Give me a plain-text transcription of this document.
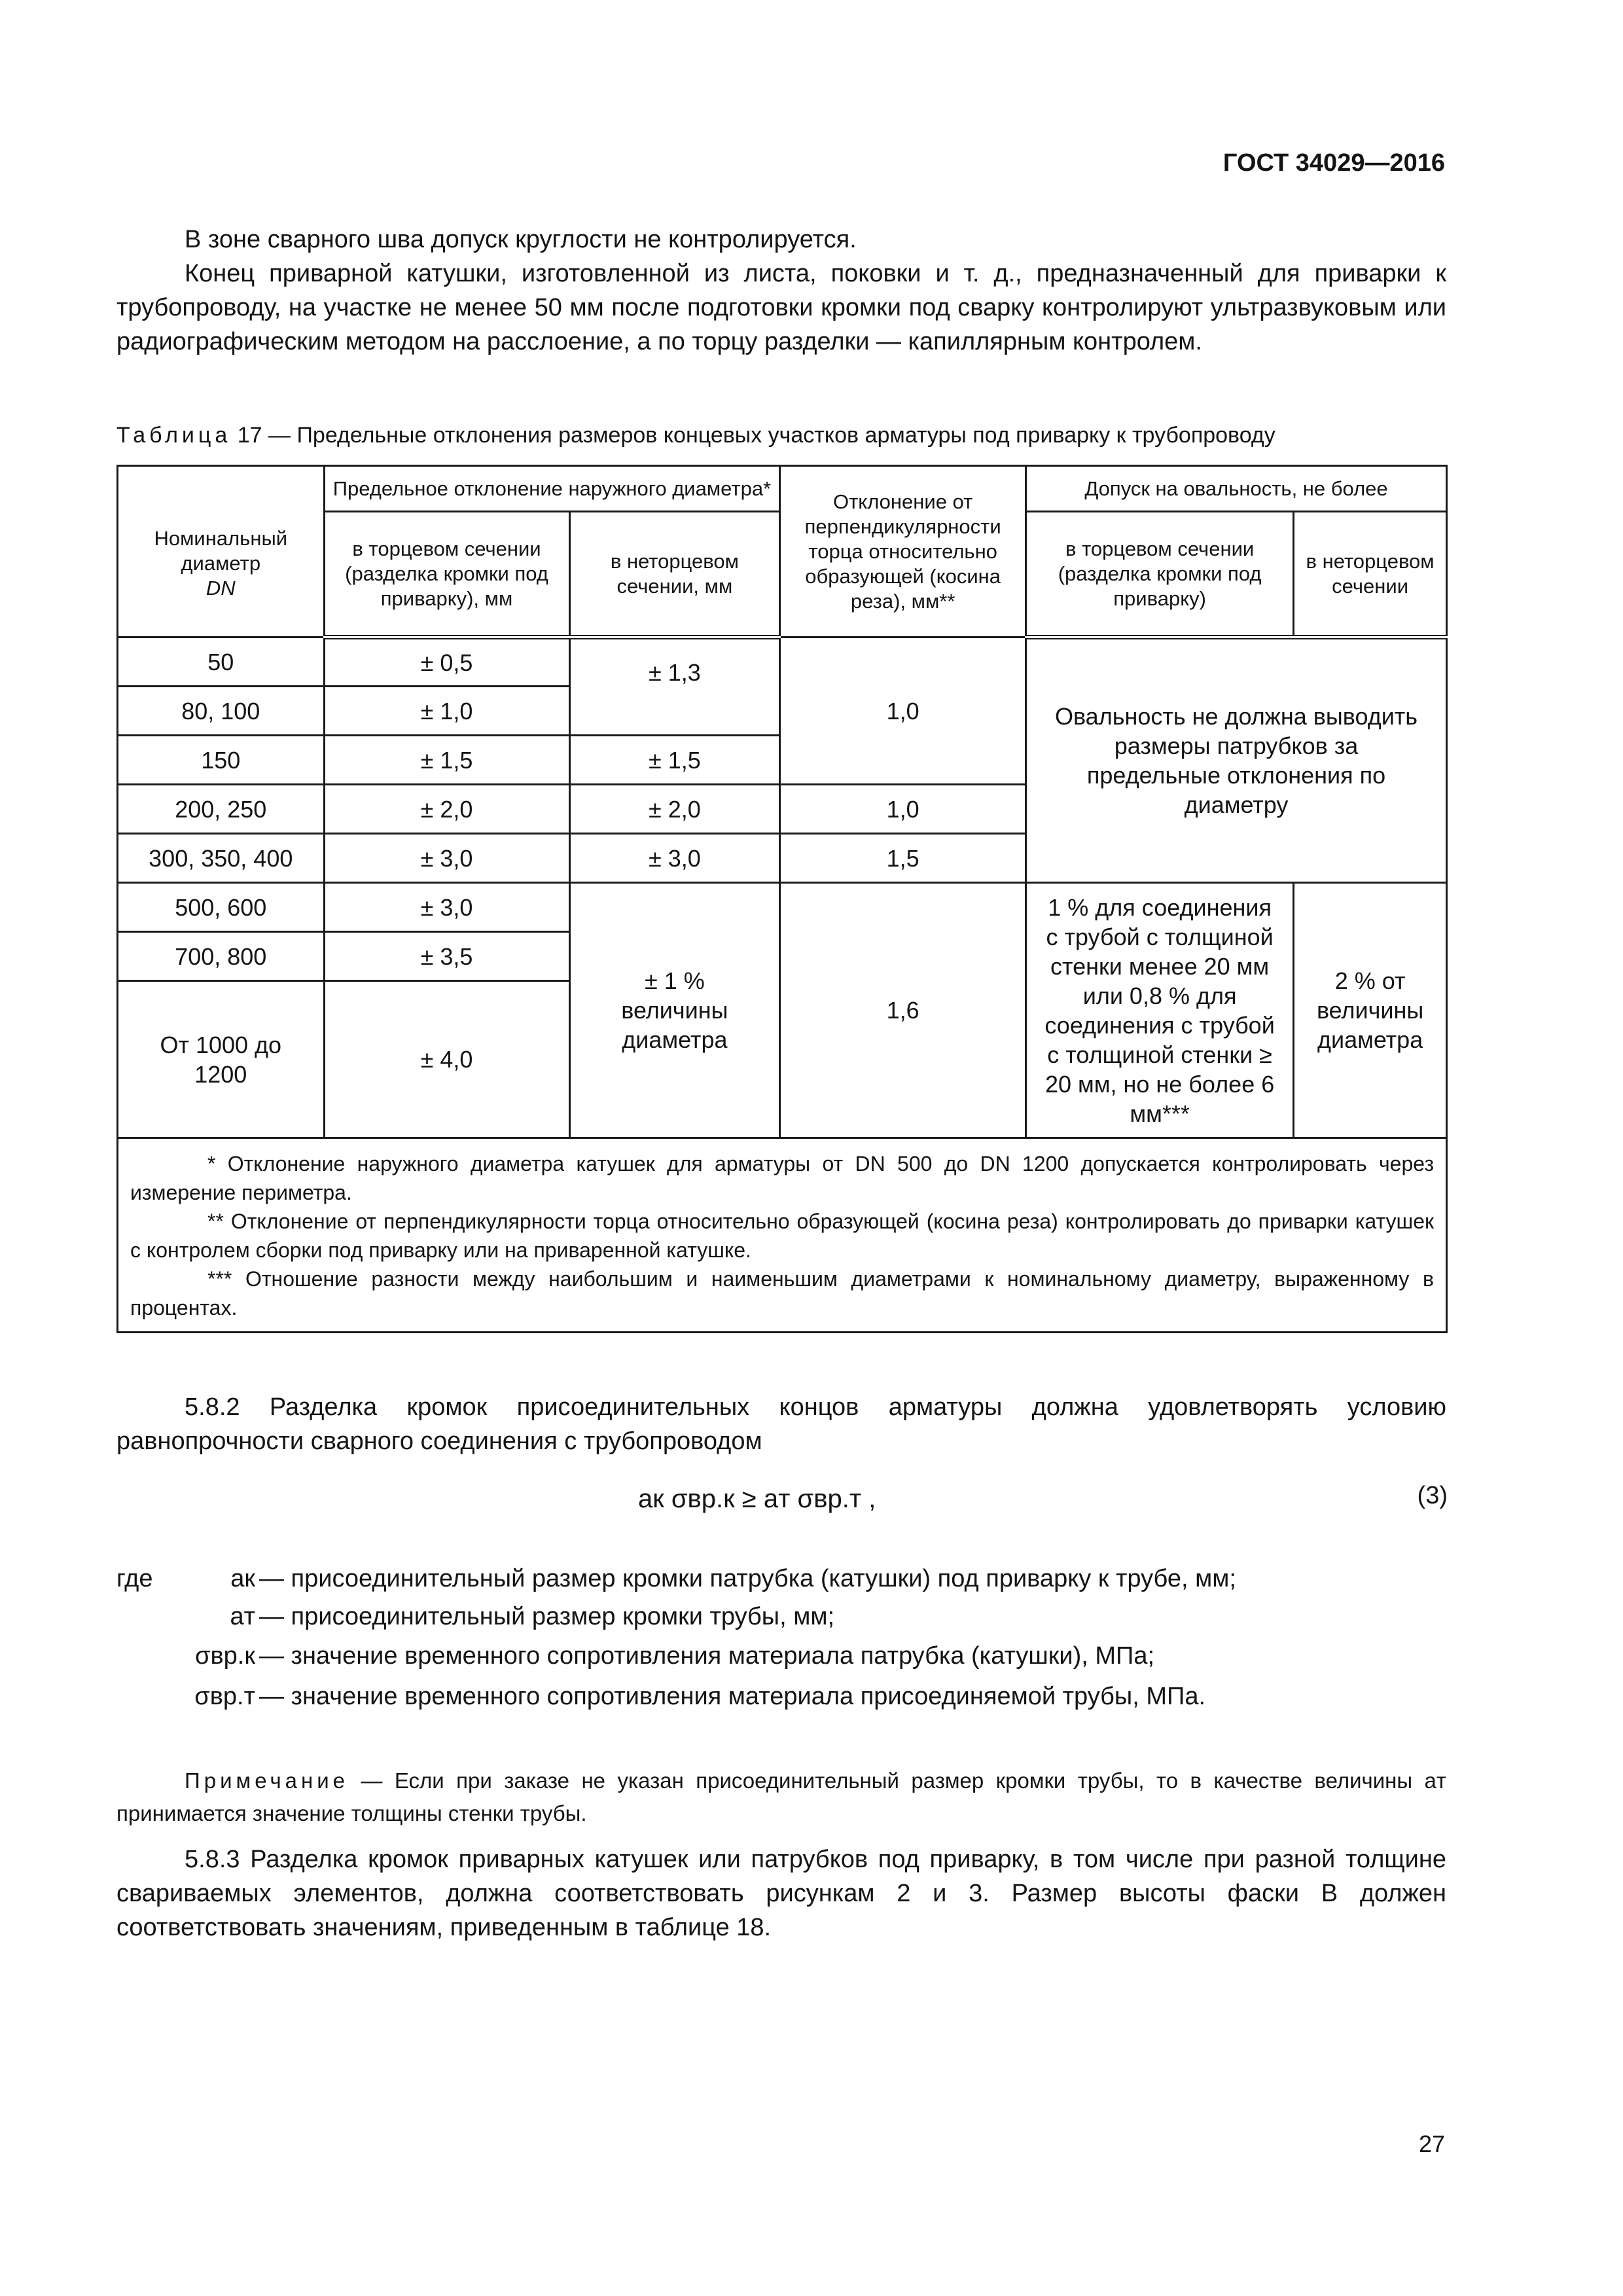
ГОСТ 34029—2016
В зоне сварного шва допуск круглости не контролируется.
Конец приварной катушки, изготовленной из листа, поковки и т. д., предназначенный для приварки к трубопроводу, на участке не менее 50 мм после подготовки кромки под сварку контролируют ультразвуковым или радиографическим методом на расслоение, а по торцу разделки — капиллярным контролем.
Таблица 17 — Предельные отклонения размеров концевых участков арматуры под приварку к трубопроводу
Номинальный
диаметр
DN	Предельное отклонение наружного диаметра*		Отклонение от перпендикулярности торца относительно образующей (косина реза), мм**	Допуск на овальность, не более	
	в торцевом сечении (разделка кромки под приварку), мм	в неторцевом сечении, мм		в торцевом сечении (разделка кромки под приварку)	в неторцевом сечении
50	± 0,5	± 1,3	1,0	Овальность не должна выводить размеры патрубков за предельные отклонения по диаметру	
80, 100	± 1,0				
150	± 1,5	± 1,5			
200, 250	± 2,0	± 2,0	1,0		
300, 350, 400	± 3,0	± 3,0	1,5		
500, 600	± 3,0	± 1 % величины диаметра	1,6	1 % для соединения с трубой с толщиной стенки менее 20 мм или 0,8 % для соединения с трубой с толщиной стенки ≥ 20 мм, но не более 6 мм***	2 % от величины диаметра
700, 800	± 3,5				
От 1000 до 1200	± 4,0				

* Отклонение наружного диаметра катушек для арматуры от DN 500 до DN 1200 допускается контролировать через измерение периметра.

** Отклонение от перпендикулярности торца относительно образующей (косина реза) контролировать до приварки катушек с контролем сборки под приварку или на приваренной катушке.

*** Отношение разности между наибольшим и наименьшим диаметрами к номинальному диаметру, выраженному в процентах.					

5.8.2 Разделка кромок присоединительных концов арматуры должна удовлетворять условию равнопрочности сварного соединения с трубопроводом
aк σвр.к ≥ aт σвр.т ,	(3)
где	aк — присоединительный размер кромки патрубка (катушки) под приварку к трубе, мм;
aт — присоединительный размер кромки трубы, мм;
σвр.к — значение временного сопротивления материала патрубка (катушки), МПа;
σвр.т — значение временного сопротивления материала присоединяемой трубы, МПа.
Примечание — Если при заказе не указан присоединительный размер кромки трубы, то в качестве величины aт принимается значение толщины стенки трубы.
5.8.3 Разделка кромок приварных катушек или патрубков под приварку, в том числе при разной толщине свариваемых элементов, должна соответствовать рисункам 2 и 3. Размер высоты фаски B должен соответствовать значениям, приведенным в таблице 18.
27
